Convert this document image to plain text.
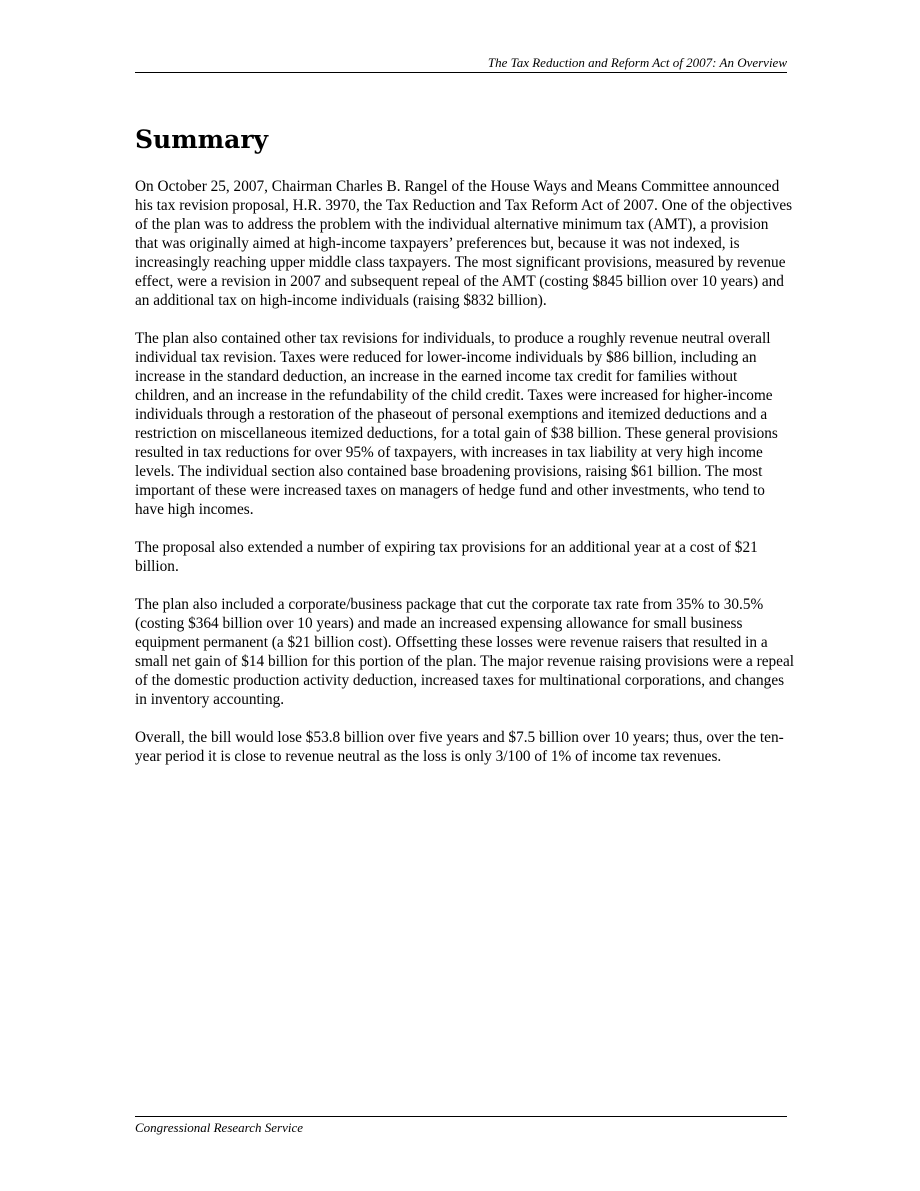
The Tax Reduction and Reform Act of 2007: An Overview
Summary

On October 25, 2007, Chairman Charles B. Rangel of the House Ways and Means Committee announced his tax revision proposal, H.R. 3970, the Tax Reduction and Tax Reform Act of 2007. One of the objectives of the plan was to address the problem with the individual alternative minimum tax (AMT), a provision that was originally aimed at high-income taxpayers’ preferences but, because it was not indexed, is increasingly reaching upper middle class taxpayers. The most significant provisions, measured by revenue effect, were a revision in 2007 and subsequent repeal of the AMT (costing $845 billion over 10 years) and an additional tax on high-income individuals (raising $832 billion).

The plan also contained other tax revisions for individuals, to produce a roughly revenue neutral overall individual tax revision. Taxes were reduced for lower-income individuals by $86 billion, including an increase in the standard deduction, an increase in the earned income tax credit for families without children, and an increase in the refundability of the child credit. Taxes were increased for higher-income individuals through a restoration of the phaseout of personal exemptions and itemized deductions and a restriction on miscellaneous itemized deductions, for a total gain of $38 billion. These general provisions resulted in tax reductions for over 95% of taxpayers, with increases in tax liability at very high income levels. The individual section also contained base broadening provisions, raising $61 billion. The most important of these were increased taxes on managers of hedge fund and other investments, who tend to have high incomes.

The proposal also extended a number of expiring tax provisions for an additional year at a cost of $21 billion.

The plan also included a corporate/business package that cut the corporate tax rate from 35% to 30.5% (costing $364 billion over 10 years) and made an increased expensing allowance for small business equipment permanent (a $21 billion cost). Offsetting these losses were revenue raisers that resulted in a small net gain of $14 billion for this portion of the plan. The major revenue raising provisions were a repeal of the domestic production activity deduction, increased taxes for multinational corporations, and changes in inventory accounting.

Overall, the bill would lose $53.8 billion over five years and $7.5 billion over 10 years; thus, over the ten-year period it is close to revenue neutral as the loss is only 3/100 of 1% of income tax revenues.

Congressional Research Service
